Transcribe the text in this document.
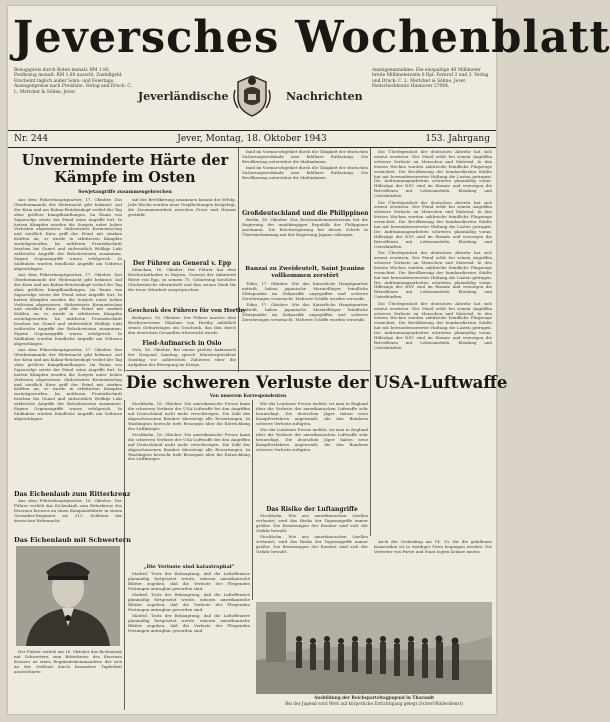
Jeversches Wochenblatt
Bezugspreis durch Boten monatl. RM 1.80, Postbezug monatl. RM 1.80 ausschl. Zustellgeld. Erscheint täglich außer Sonn- und Feiertags. Anzeigenpreise nach Preisliste. Verlag und Druck: C. L. Mettcker & Söhne, Jever.	Jeverländische	Nachrichten
Anzeigenannahme: Die einspaltige 46 Millimeter breite Millimeterzeile 6 Rpf. Fernruf 2 und 3. Verlag und Druck: C. L. Mettcker & Söhne, Jever. Postscheckkonto Hannover 27004.
Jever, Montag, 18. Oktober 1943
Nr. 244	153. Jahrgang
Unverminderte Härte der Kämpfe im Osten
Sowjetangriffe zusammengebrochen

Aus dem Führerhauptquartier, 17. Oktober. Das Oberkommando der Wehrmacht gibt bekannt: Auf der Krim und am Kuban-Brückenkopf verlief der Tag ohne größere Kampfhandlungen. Im Raum von Saporoshje setzte der Feind seine Angriffe fort. In harten Kämpfen wurden die Sowjets unter hohen Verlusten abgewiesen. Südostwärts Krementschug und nördlich Kiew griff der Feind mit starken Kräften an; er wurde in erbitterten Kämpfen zurückgeworfen. Im mittleren Frontabschnitt brachen bei Gomel und südwestlich Welikije Luki zahlreiche Angriffe der Bolschewisten zusammen. Eigene Gegenangriffe waren erfolgreich. In Süditalien wurden feindliche Angriffe am Volturno abgeschlagen.

Aus dem Führerhauptquartier, 17. Oktober. Das Oberkommando der Wehrmacht gibt bekannt: Auf der Krim und am Kuban-Brückenkopf verlief der Tag ohne größere Kampfhandlungen. Im Raum von Saporoshje setzte der Feind seine Angriffe fort. In harten Kämpfen wurden die Sowjets unter hohen Verlusten abgewiesen. Südostwärts Krementschug und nördlich Kiew griff der Feind mit starken Kräften an; er wurde in erbitterten Kämpfen zurückgeworfen. Im mittleren Frontabschnitt brachen bei Gomel und südwestlich Welikije Luki zahlreiche Angriffe der Bolschewisten zusammen. Eigene Gegenangriffe waren erfolgreich. In Süditalien wurden feindliche Angriffe am Volturno abgeschlagen.

Aus dem Führerhauptquartier, 17. Oktober. Das Oberkommando der Wehrmacht gibt bekannt: Auf der Krim und am Kuban-Brückenkopf verlief der Tag ohne größere Kampfhandlungen. Im Raum von Saporoshje setzte der Feind seine Angriffe fort. In harten Kämpfen wurden die Sowjets unter hohen Verlusten abgewiesen. Südostwärts Krementschug und nördlich Kiew griff der Feind mit starken Kräften an; er wurde in erbitterten Kämpfen zurückgeworfen. Im mittleren Frontabschnitt brachen bei Gomel und südwestlich Welikije Luki zahlreiche Angriffe der Bolschewisten zusammen. Eigene Gegenangriffe waren erfolgreich. In Süditalien wurden feindliche Angriffe am Volturno abgeschlagen.

mit der Bevölkerung zusammen kommt der Erfolg. Jede Woche wurden neue Verpflichtungen festgelegt, die Zusammenarbeit zwischen Front und Heimat gestärkt.

Das Eichenlaub zum Ritterkreuz

Aus dem Führerhauptquartier, 16. Oktober. Der Führer verlieh das Eichenlaub zum Ritterkreuz des Eisernen Kreuzes an einen Kompanieführer in einem Grenadier-Regiment als 311. Soldaten der deutschen Wehrmacht.

Das Eichenlaub mit Schwertern

Der Führer verlieh am 16. Oktober das Eichenlaub mit Schwertern zum Ritterkreuz des Eisernen Kreuzes an einen Regimentskommandeur, der sich an der Ostfront durch besondere Tapferkeit auszeichnete.

Der Führer an General v. Epp

München, 16. Oktober. Der Führer hat dem Reichsstatthalter in Bayern, General der Infanterie Ritter von Epp, zu seinem 75. Geburtstag herzliche Glückwünsche übermittelt und ihm seinen Dank für die treue Mitarbeit ausgesprochen.

Geschenk des Führers für von Horthy

Budapest, 16. Oktober. Der Führer machte dem Reichsverweser Nikolaus von Horthy anläßlich seines Geburtstages ein Geschenk, das ihm durch den deutschen Gesandten überreicht wurde.

Fied-Aufmarsch in Oslo

Oslo, 16. Oktober. Bei einem großen Aufmarsch der Nasjonal Samling sprach Ministerpräsident Quisling vor zahlreichen Zuhörern über die Aufgaben der Bewegung im Kriege.

fand im Vormarschgebiet durch die Tätigkeit der deutschen Sicherungsverbände eine fühlbare Entlastung. Die Bevölkerung unterstützt die Maßnahmen.

fand im Vormarschgebiet durch die Tätigkeit der deutschen Sicherungsverbände eine fühlbare Entlastung. Die Bevölkerung unterstützt die Maßnahmen.

Großdeutschland und die Philippinen

Berlin, 16. Oktober. Das Reichsaußenministerium hat die Regierung der unabhängigen Republik der Philippinen anerkannt. Die Reichsregierung hat diesen Schritt in Übereinstimmung mit der Regierung Japans vollzogen.

Banzai zu Zweideutelt, Saint Jeanine vollkommen zerstört

Tokio, 17. Oktober. Wie das Kaiserliche Hauptquartier mitteilt, haben japanische Marineflieger feindliche Stützpunkte im Südpazifik angegriffen und schwere Zerstörungen verursacht. Mehrere Schiffe wurden versenkt.

Tokio, 17. Oktober. Wie das Kaiserliche Hauptquartier mitteilt, haben japanische Marineflieger feindliche Stützpunkte im Südpazifik angegriffen und schwere Zerstörungen verursacht. Mehrere Schiffe wurden versenkt.

Die Überlegenheit der deutschen Abwehr hat sich erneut erwiesen. Der Feind erlitt bei seinen Angriffen schwere Verluste an Menschen und Material. In den letzten Wochen wurden zahlreiche feindliche Flugzeuge vernichtet. Die Bevölkerung der bombardierten Städte hat mit bewundernswerter Haltung die Lasten getragen. Die Aufräumungsarbeiten schreiten planmäßig voran. Hilfszüge der NSV sind im Einsatz und versorgen die Betroffenen mit Lebensmitteln, Kleidung und Unterkünften.

Die Überlegenheit der deutschen Abwehr hat sich erneut erwiesen. Der Feind erlitt bei seinen Angriffen schwere Verluste an Menschen und Material. In den letzten Wochen wurden zahlreiche feindliche Flugzeuge vernichtet. Die Bevölkerung der bombardierten Städte hat mit bewundernswerter Haltung die Lasten getragen. Die Aufräumungsarbeiten schreiten planmäßig voran. Hilfszüge der NSV sind im Einsatz und versorgen die Betroffenen mit Lebensmitteln, Kleidung und Unterkünften.

Die Überlegenheit der deutschen Abwehr hat sich erneut erwiesen. Der Feind erlitt bei seinen Angriffen schwere Verluste an Menschen und Material. In den letzten Wochen wurden zahlreiche feindliche Flugzeuge vernichtet. Die Bevölkerung der bombardierten Städte hat mit bewundernswerter Haltung die Lasten getragen. Die Aufräumungsarbeiten schreiten planmäßig voran. Hilfszüge der NSV sind im Einsatz und versorgen die Betroffenen mit Lebensmitteln, Kleidung und Unterkünften.

Die Überlegenheit der deutschen Abwehr hat sich erneut erwiesen. Der Feind erlitt bei seinen Angriffen schwere Verluste an Menschen und Material. In den letzten Wochen wurden zahlreiche feindliche Flugzeuge vernichtet. Die Bevölkerung der bombardierten Städte hat mit bewundernswerter Haltung die Lasten getragen. Die Aufräumungsarbeiten schreiten planmäßig voran. Hilfszüge der NSV sind im Einsatz und versorgen die Betroffenen mit Lebensmitteln, Kleidung und Unterkünften.

Die schweren Verluste der USA-Luftwaffe
Von unserem Korrespondenten

Stockholm, 16. Oktober. Die amerikanische Presse kann die schweren Verluste der USA-Luftwaffe bei den Angriffen auf Deutschland nicht mehr verschweigen. Die Zahl der abgeschossenen Bomber übersteigt alle Erwartungen. In Washington herrscht tiefe Besorgnis über die Entwicklung des Luftkrieges.

Stockholm, 16. Oktober. Die amerikanische Presse kann die schweren Verluste der USA-Luftwaffe bei den Angriffen auf Deutschland nicht mehr verschweigen. Die Zahl der abgeschossenen Bomber übersteigt alle Erwartungen. In Washington herrscht tiefe Besorgnis über die Entwicklung des Luftkrieges.

„Die Verluste sind katastrophal"

Madrid. Trotz der Behauptung, daß die Luftoffensive planmäßig fortgesetzt werde, müssen amerikanische Blätter zugeben, daß die Verluste der Fliegenden Festungen untragbar geworden sind.

Madrid. Trotz der Behauptung, daß die Luftoffensive planmäßig fortgesetzt werde, müssen amerikanische Blätter zugeben, daß die Verluste der Fliegenden Festungen untragbar geworden sind.

Madrid. Trotz der Behauptung, daß die Luftoffensive planmäßig fortgesetzt werde, müssen amerikanische Blätter zugeben, daß die Verluste der Fliegenden Festungen untragbar geworden sind.

Wie die Londoner Presse meldet, ist man in England über die Verluste der amerikanischen Luftwaffe sehr beunruhigt. Die deutschen Jäger haben neue Kampfverfahren angewandt, die den Bombern schwere Verluste zufügten.

Wie die Londoner Presse meldet, ist man in England über die Verluste der amerikanischen Luftwaffe sehr beunruhigt. Die deutschen Jäger haben neue Kampfverfahren angewandt, die den Bombern schwere Verluste zufügten.

Das Risiko der Luftangriffe

Stockholm. Wie aus amerikanischen Quellen verlautet, wird das Risiko der Tagesangriffe immer größer. Die Besatzungen der Bomber sind sich der Gefahr bewußt.

Stockholm. Wie aus amerikanischen Quellen verlautet, wird das Risiko der Tagesangriffe immer größer. Die Besatzungen der Bomber sind sich der Gefahr bewußt.

Auch der Gedenktag am 14. 10. für die gefallenen Kameraden ist in würdiger Form begangen worden. Die Vertreter von Partei und Staat legten Kränze nieder.

Ausbildung der Reichsparteitagjugend in Tharandt
Bei der Jugend wird Wert auf körperliche Ertüchtigung gelegt (Scherl-Bilderdienst)
